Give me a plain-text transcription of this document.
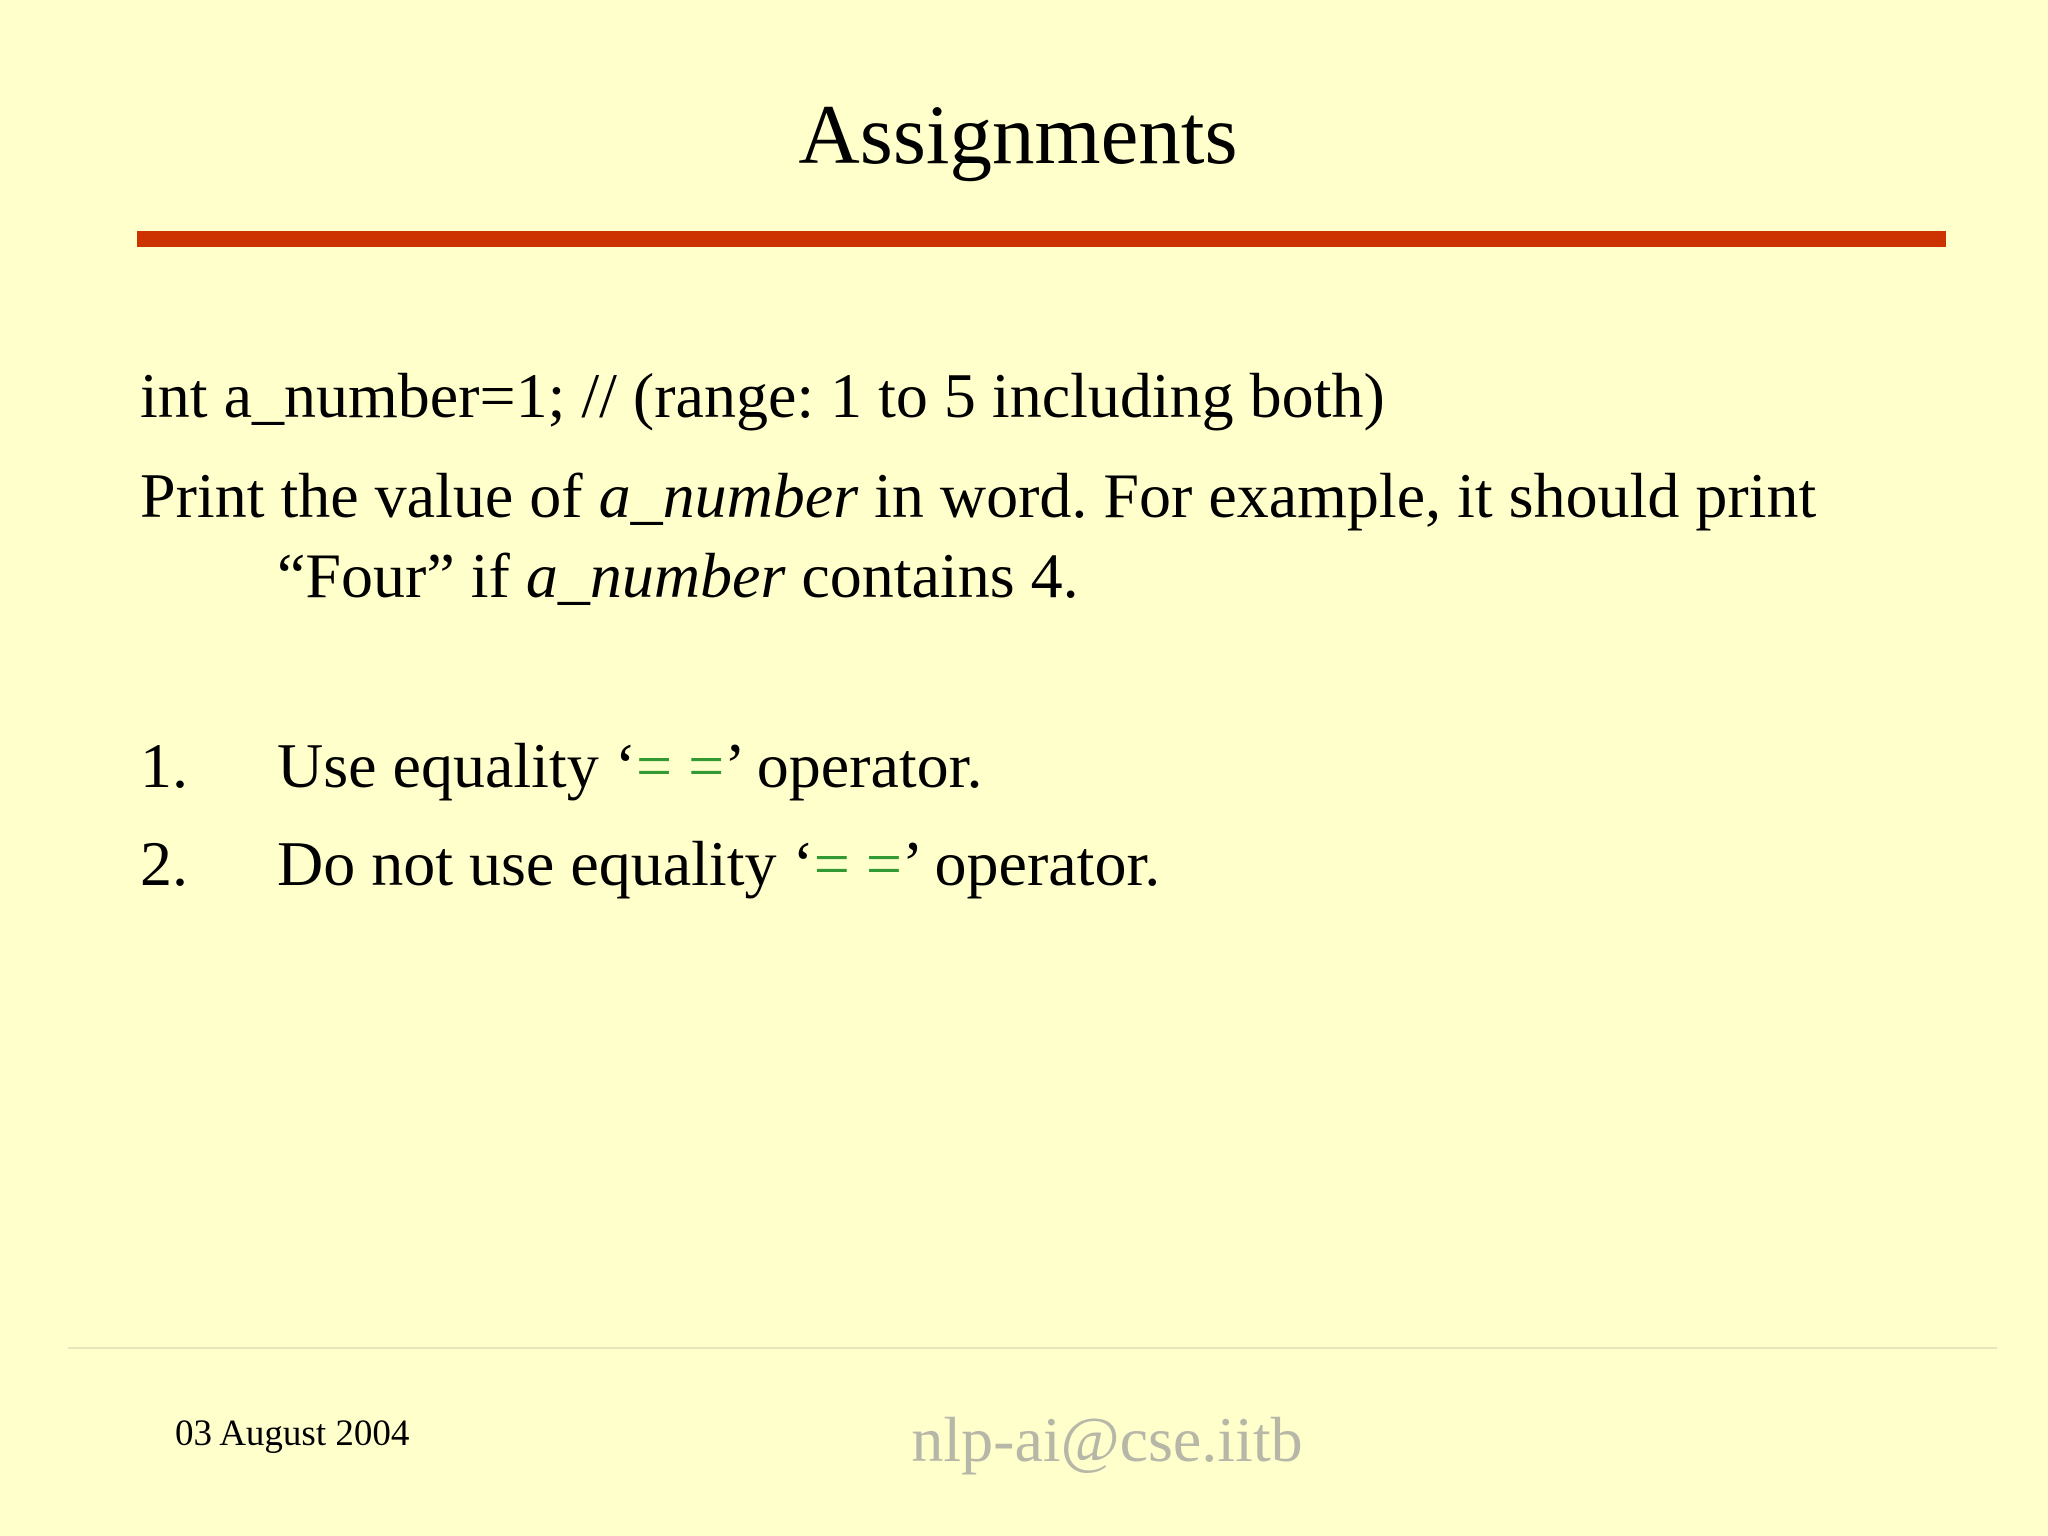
Assignments

int a_number=1; // (range: 1 to 5 including both)

Print the value of a_number in word. For example, it should print “Four” if a_number contains 4.

1. Use equality ‘= =’ operator.
2. Do not use equality ‘= =’ operator.
03 August 2004	nlp-ai@cse.iitb
